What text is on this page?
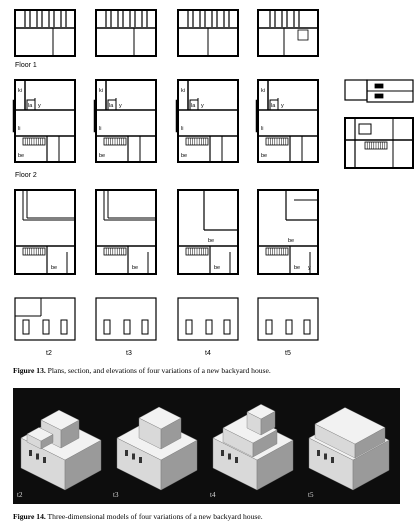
ki
la y
li
be
ki
la y
li
be
ki
la y
li
be
ki
la y
li
be
be	be	be
be
be
be
y
Floor 1
Floor 2
t2	t3	t4	t5
Figure 13. Plans, section, and elevations of four variations of a new backyard house.
t2	t3	t4	t5
Figure 14. Three-dimensional models of four variations of a new backyard house.
